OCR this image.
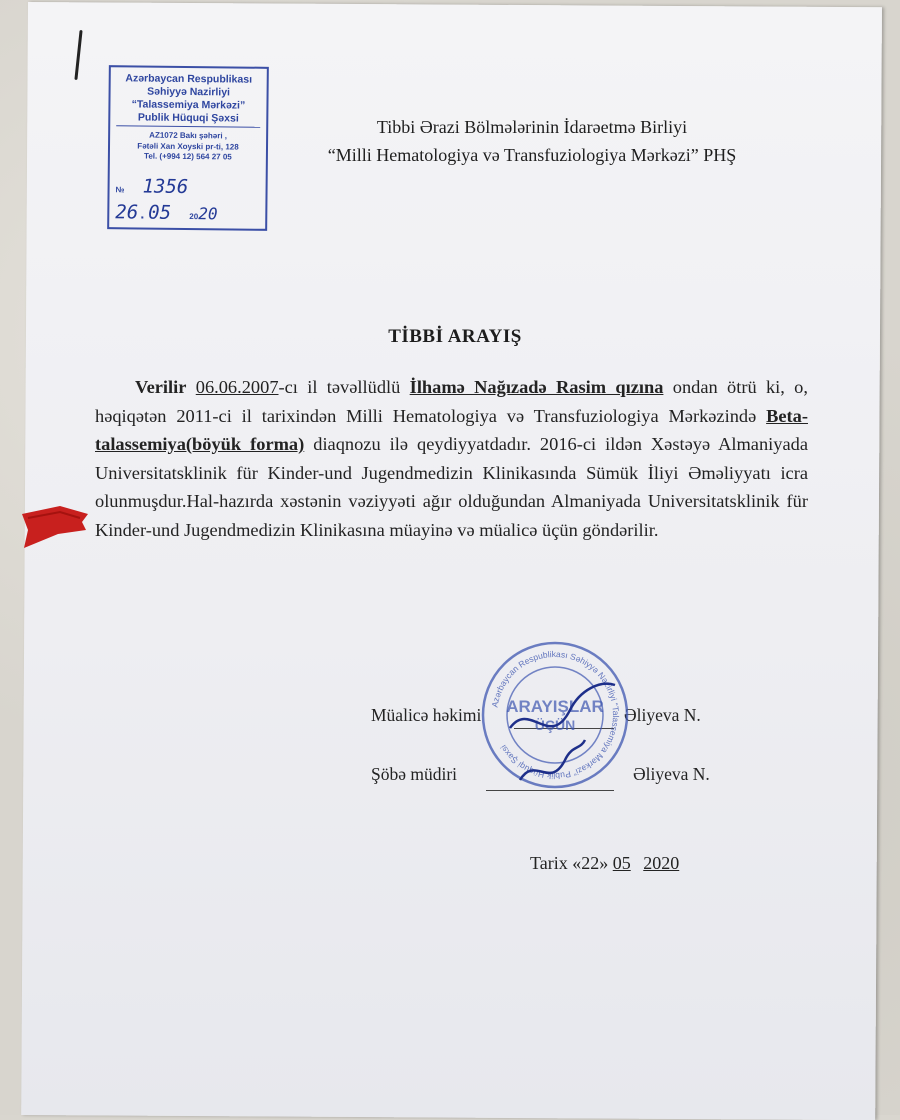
Azərbaycan Respublikası
Səhiyyə Nazirliyi
“Talassemiya Mərkəzi”
Publik Hüquqi Şəxsi
AZ1072 Bakı şəhəri ,
Fətəli Xan Xoyski pr-ti, 128
Tel. (+994 12) 564 27 05
№ 1356
26 . 05 2020
Tibbi Ərazi Bölmələrinin İdarəetmə Birliyi
“Milli Hematologiya və Transfuziologiya Mərkəzi” PHŞ
TİBBİ ARAYIŞ
Verilir 06.06.2007-cı il təvəllüdlü İlhamə Nağızadə Rasim qızına ondan ötrü ki, o, həqiqətən 2011-ci il tarixindən Milli Hematologiya və Transfuziologiya Mərkəzində Beta-talassemiya(böyük forma) diaqnozu ilə qeydiyyatdadır. 2016-ci ildən Xəstəyə Almaniyada Universitatsklinik für Kinder-und Jugendmedizin Klinikasında Sümük İliyi Əməliyyatı icra olunmuşdur.Hal-hazırda xəstənin vəziyyəti ağır olduğundan Almaniyada Universitatsklinik für Kinder-und Jugendmedizin Klinikasına müayinə və müalicə üçün göndərilir.
Müalicə həkimi	Əliyeva N.
Şöbə müdiri	Əliyeva N.
Azərbaycan Respublikası Səhiyyə Nazirliyi “Talassemiya Mərkəzi” Publik Hüquqi Şəxsi
ARAYIŞLAR
ÜÇÜN
Tarix «22» 05 2020
